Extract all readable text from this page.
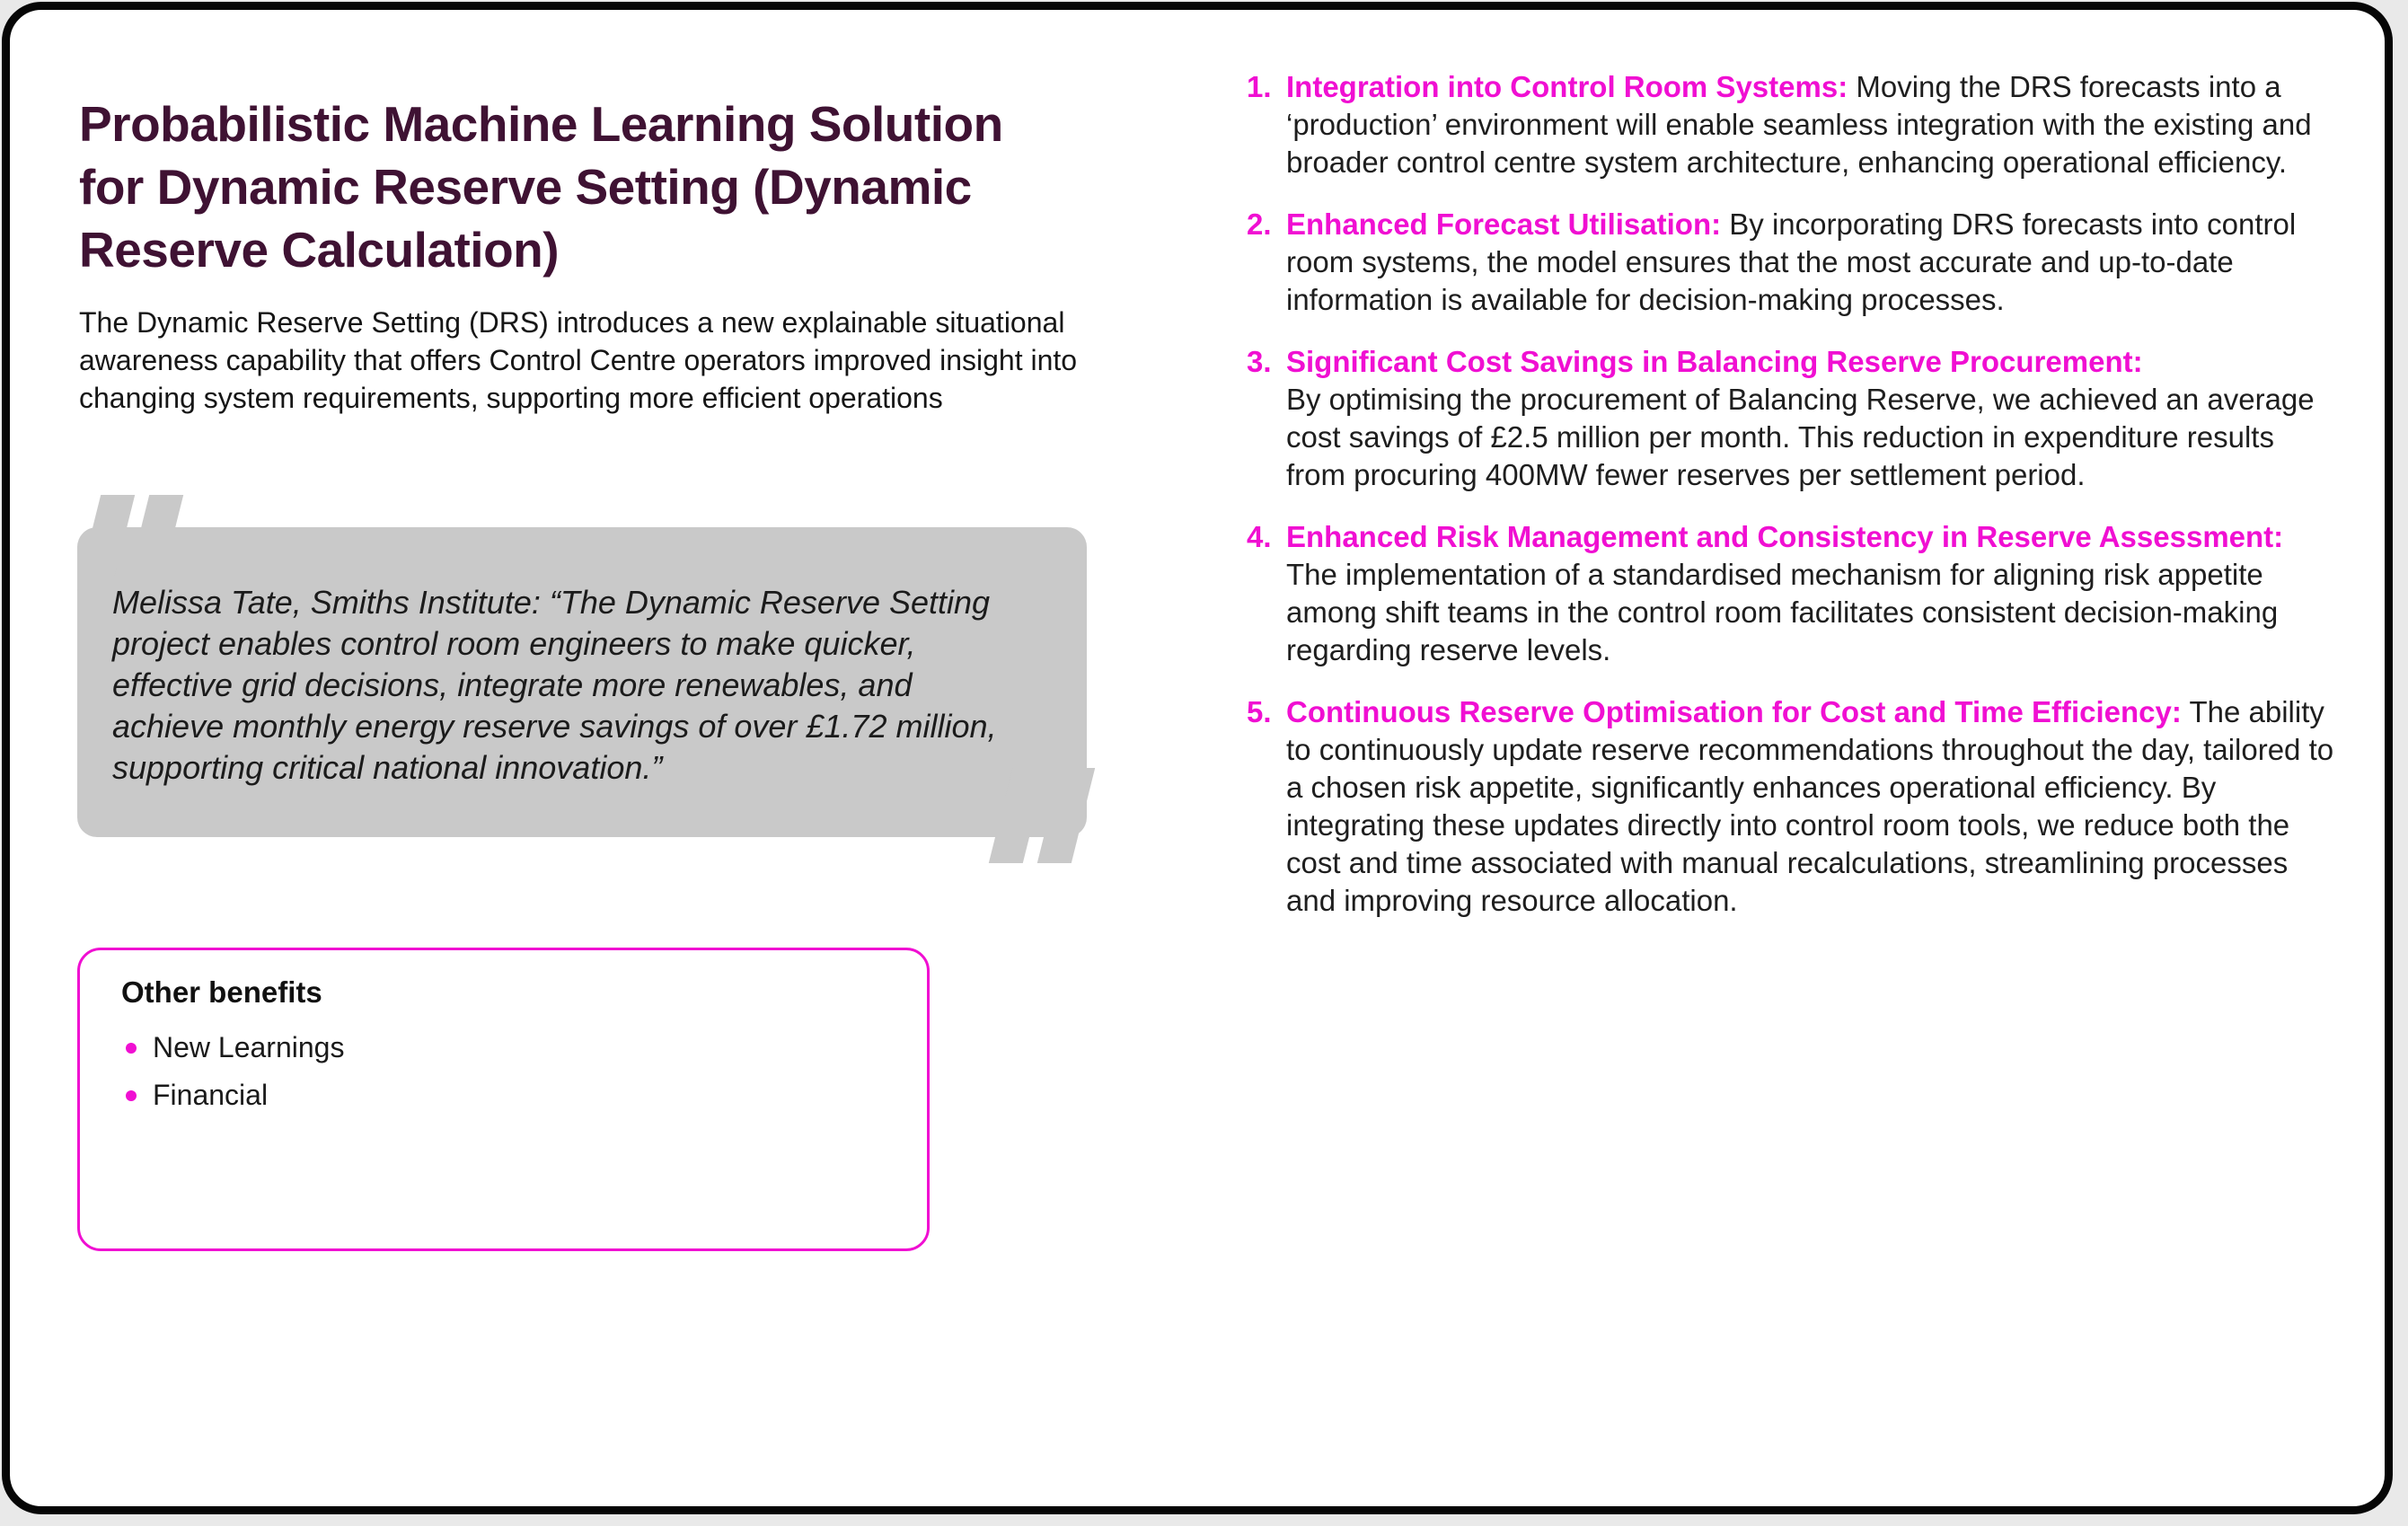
Probabilistic Machine Learning Solution
for Dynamic Reserve Setting (Dynamic
Reserve Calculation)

The Dynamic Reserve Setting (DRS) introduces a new explainable situational awareness capability that offers Control Centre operators improved insight into changing system requirements, supporting more efficient operations

Melissa Tate, Smiths Institute: “The Dynamic Reserve Setting project enables control room engineers to make quicker, effective grid decisions, integrate more renewables, and achieve monthly energy reserve savings of over £1.72 million, supporting critical national innovation.”

Other benefits
New Learnings
Financial

1. Integration into Control Room Systems: Moving the DRS forecasts into a ‘production’ environment will enable seamless integration with the existing and broader control centre system architecture, enhancing operational efficiency.

2. Enhanced Forecast Utilisation: By incorporating DRS forecasts into control room systems, the model ensures that the most accurate and up-to-date information is available for decision-making processes.

3. Significant Cost Savings in Balancing Reserve Procurement:
By optimising the procurement of Balancing Reserve, we achieved an average cost savings of £2.5 million per month. This reduction in expenditure results from procuring 400MW fewer reserves per settlement period.

4. Enhanced Risk Management and Consistency in Reserve Assessment: The implementation of a standardised mechanism for aligning risk appetite among shift teams in the control room facilitates consistent decision-making regarding reserve levels.

5. Continuous Reserve Optimisation for Cost and Time Efficiency: The ability to continuously update reserve recommendations throughout the day, tailored to a chosen risk appetite, significantly enhances operational efficiency. By integrating these updates directly into control room tools, we reduce both the cost and time associated with manual recalculations, streamlining processes and improving resource allocation.
